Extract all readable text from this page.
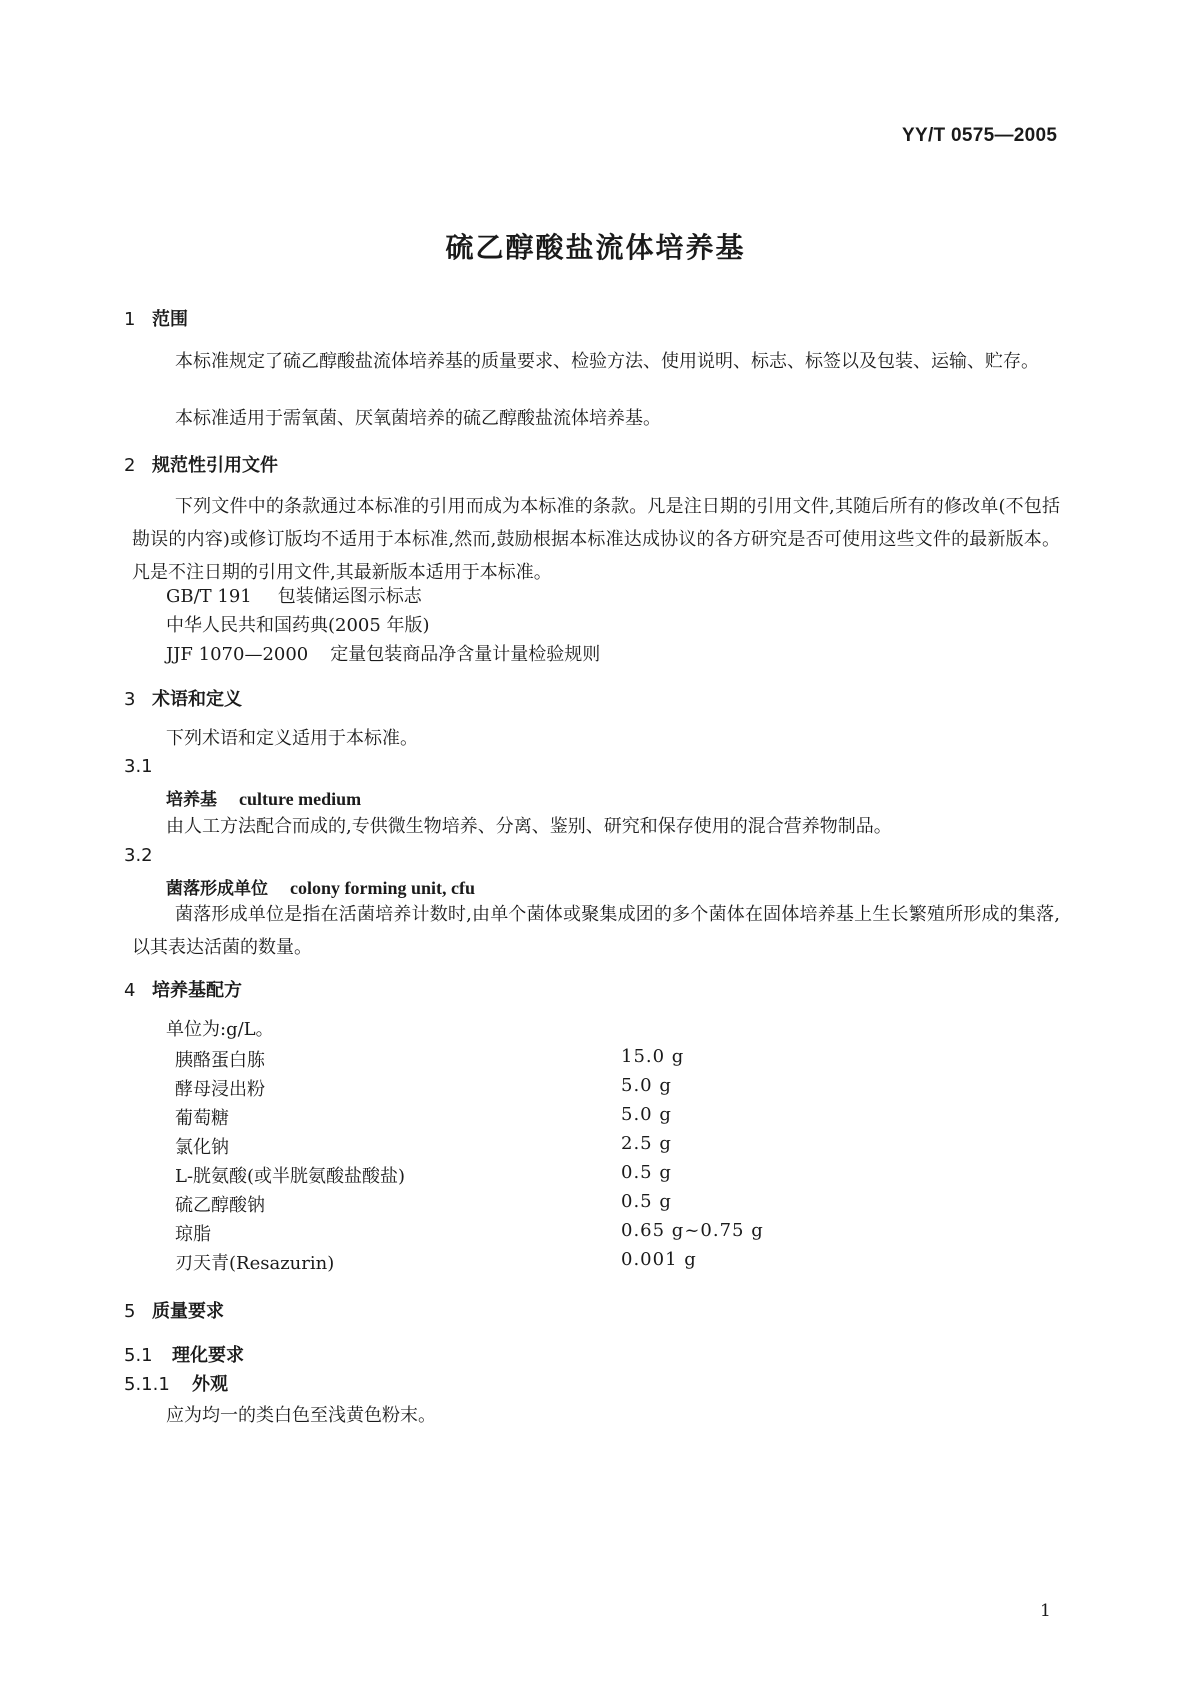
YY/T 0575—2005
硫乙醇酸盐流体培养基
1 范围
本标准规定了硫乙醇酸盐流体培养基的质量要求、检验方法、使用说明、标志、标签以及包装、运输、贮存。
本标准适用于需氧菌、厌氧菌培养的硫乙醇酸盐流体培养基。
2 规范性引用文件
下列文件中的条款通过本标准的引用而成为本标准的条款。凡是注日期的引用文件,其随后所有的修改单(不包括勘误的内容)或修订版均不适用于本标准,然而,鼓励根据本标准达成协议的各方研究是否可使用这些文件的最新版本。凡是不注日期的引用文件,其最新版本适用于本标准。
GB/T 191 包装储运图示标志
中华人民共和国药典(2005 年版)
JJF 1070—2000 定量包装商品净含量计量检验规则
3 术语和定义
下列术语和定义适用于本标准。
3.1
培养基 culture medium
由人工方法配合而成的,专供微生物培养、分离、鉴别、研究和保存使用的混合营养物制品。
3.2
菌落形成单位 colony forming unit, cfu
菌落形成单位是指在活菌培养计数时,由单个菌体或聚集成团的多个菌体在固体培养基上生长繁殖所形成的集落,以其表达活菌的数量。
4 培养基配方
单位为:g/L。
胰酪蛋白胨	15.0 g
酵母浸出粉	5.0 g
葡萄糖	5.0 g
氯化钠	2.5 g
L-胱氨酸(或半胱氨酸盐酸盐)	0.5 g
硫乙醇酸钠	0.5 g
琼脂	0.65 g~0.75 g
刃天青(Resazurin)	0.001 g
5 质量要求
5.1 理化要求
5.1.1 外观
应为均一的类白色至浅黄色粉末。
1
